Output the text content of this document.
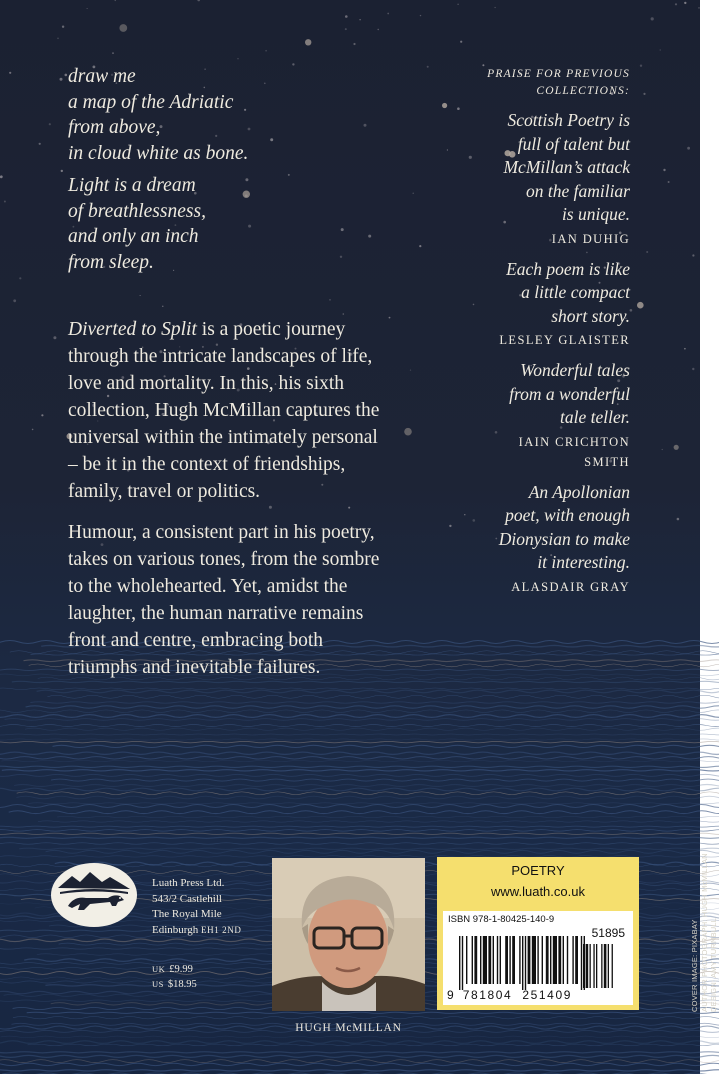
draw me
a map of the Adriatic
from above,
in cloud white as bone.
Light is a dream
of breathlessness,
and only an inch
from sleep.
Diverted to Split is a poetic journey
through the intricate landscapes of life,
love and mortality. In this, his sixth
collection, Hugh McMillan captures the
universal within the intimately personal
– be it in the context of friendships,
family, travel or politics.
Humour, a consistent part in his poetry,
takes on various tones, from the sombre
to the wholehearted. Yet, amidst the
laughter, the human narrative remains
front and centre, embracing both
triumphs and inevitable failures.
PRAISE FOR PREVIOUS
COLLECTIONS:
Scottish Poetry is
full of talent but
McMillan’s attack
on the familiar
is unique.
IAN DUHIG
Each poem is like
a little compact
short story.
LESLEY GLAISTER
Wonderful tales
from a wonderful
tale teller.
IAIN CRICHTON
SMITH
An Apollonian
poet, with enough
Dionysian to make
it interesting.
ALASDAIR GRAY
Luath Press Ltd.
543/2 Castlehill
The Royal Mile
Edinburgh EH1 2ND
UK £9.99
US $18.95
HUGH McMILLAN
POETRY
www.luath.co.uk
ISBN 978-1-80425-140-9
51895
9 781804 251409	COVER IMAGE: PIXABAY AUTHOR PHOTOGRAPH: HUGH McMILLAN DESIGN: AMY TURNBULL
